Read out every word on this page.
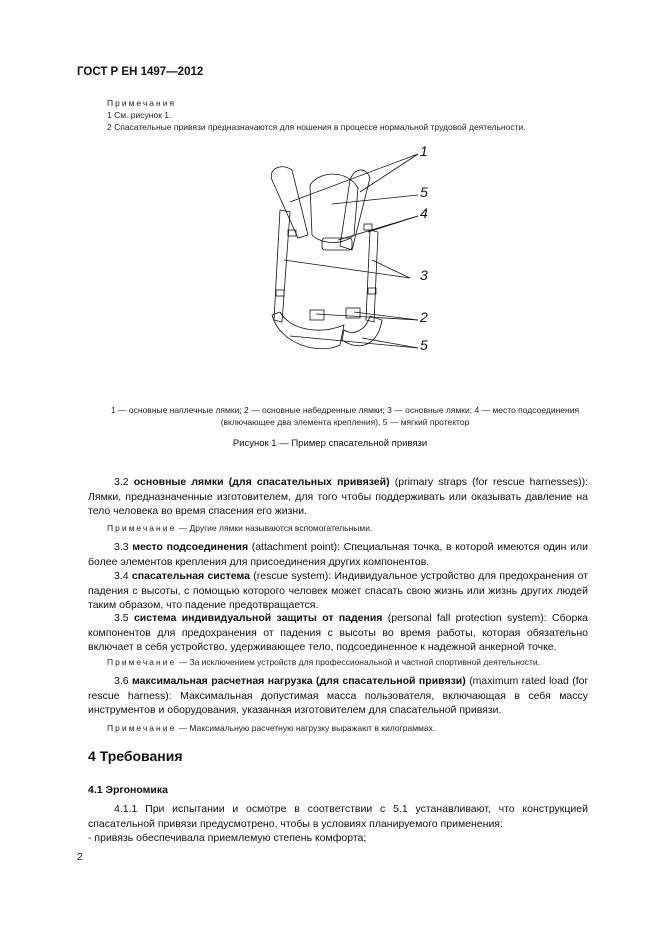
ГОСТ Р ЕН 1497—2012
Примечания
1 См. рисунок 1.
2 Спасательные привязи предназначаются для ношения в процессе нормальной трудовой деятельности.
1
5
4
3
2
5
1 — основные наплечные лямки; 2 — основные набедренные лямки; 3 — основные лямки; 4 — место подсоединения
(включающее два элемента крепления), 5 — мягкий протектор
Рисунок 1 — Пример спасательной привязи
3.2 основные лямки (для спасательных привязей) (primary straps (for rescue harnesses)): Лямки, предназначенные изготовителем, для того чтобы поддерживать или оказывать давление на тело человека во время спасения его жизни.
Примечание — Другие лямки называются вспомогательными.
3.3 место подсоединения (attachment point): Специальная точка, в которой имеются один или более элементов крепления для присоединения других компонентов.
3.4 спасательная система (rescue system): Индивидуальное устройство для предохранения от падения с высоты, с помощью которого человек может спасать свою жизнь или жизнь других людей таким образом, что падение предотвращается.
3.5 система индивидуальной защиты от падения (personal fall protection system): Сборка компонентов для предохранения от падения с высоты во время работы, которая обязательно включает в себя устройство, удерживающее тело, подсоединенное к надежной анкерной точке.
Примечание — За исключением устройств для профессиональной и частной спортивной деятельности.
3.6 максимальная расчетная нагрузка (для спасательной привязи) (maximum rated load (for rescue harness): Максимальная допустимая масса пользователя, включающая в себя массу инструментов и оборудования, указанная изготовителем для спасательной привязи.
Примечание — Максимальную расчетную нагрузку выражают в килограммах.
4 Требования
4.1 Эргономика
4.1.1 При испытании и осмотре в соответствии с 5.1 устанавливают, что конструкцией спасательной привязи предусмотрено, чтобы в условиях планируемого применения:
- привязь обеспечивала приемлемую степень комфорта;
2
